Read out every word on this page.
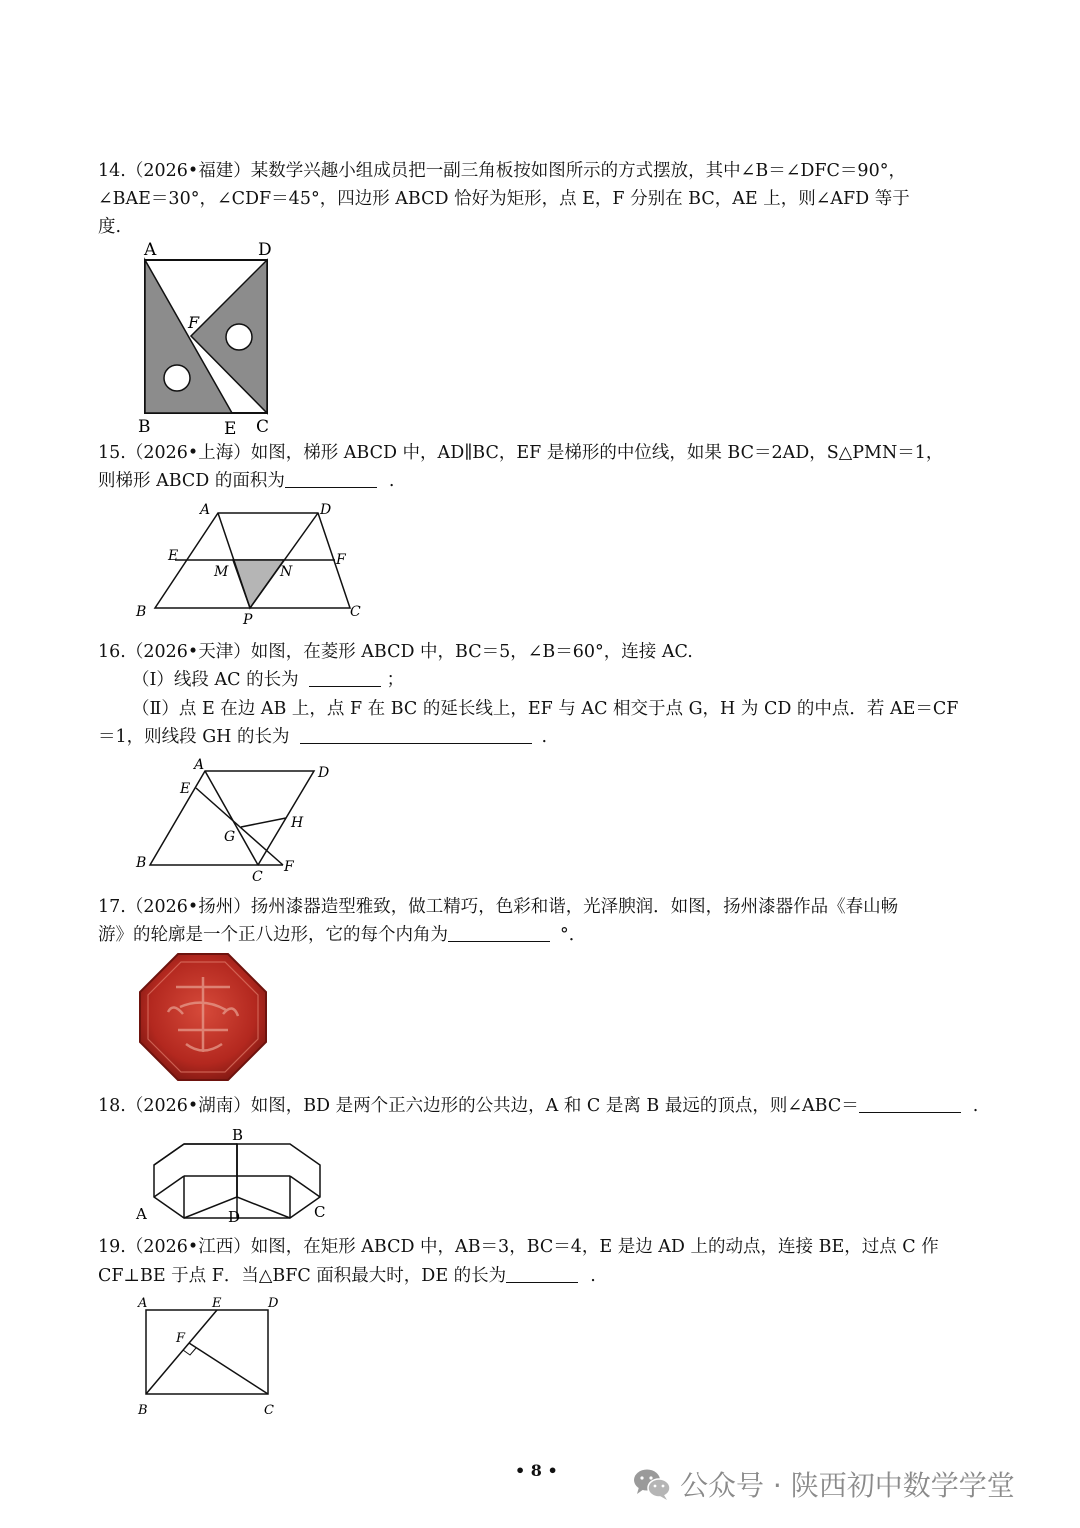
14.（2026•福建）某数学兴趣小组成员把一副三角板按如图所示的方式摆放，其中∠B＝∠DFC＝90°，
∠BAE＝30°，∠CDF＝45°，四边形 ABCD 恰好为矩形，点 E，F 分别在 BC，AE 上，则∠AFD 等于
度.
A	D
F
B	E C
15.（2026•上海）如图，梯形 ABCD 中，AD∥BC，EF 是梯形的中位线，如果 BC＝2AD，S△PMN＝1，
则梯形 ABCD 的面积为	.
A	D
E	F
M	N
B	P	C
16.（2026•天津）如图，在菱形 ABCD 中，BC＝5，∠B＝60°，连接 AC.
（Ⅰ）线段 AC 的长为	；
（Ⅱ）点 E 在边 AB 上，点 F 在 BC 的延长线上，EF 与 AC 相交于点 G，H 为 CD 的中点．若 AE＝CF
＝1，则线段 GH 的长为	.
A	D
E
H
G
B	F
C
17.（2026•扬州）扬州漆器造型雅致，做工精巧，色彩和谐，光泽腴润．如图，扬州漆器作品《春山畅
游》的轮廓是一个正八边形，它的每个内角为	°．
18.（2026•湖南）如图，BD 是两个正六边形的公共边，A 和 C 是离 B 最远的顶点，则∠ABC＝	.
B
A	D	C
19.（2026•江西）如图，在矩形 ABCD 中，AB＝3，BC＝4，E 是边 AD 上的动点，连接 BE，过点 C 作
CF⊥BE 于点 F．当△BFC 面积最大时，DE 的长为	.
A	E	D
F
B	C
• 8 •	公众号 · 陕西初中数学学堂
